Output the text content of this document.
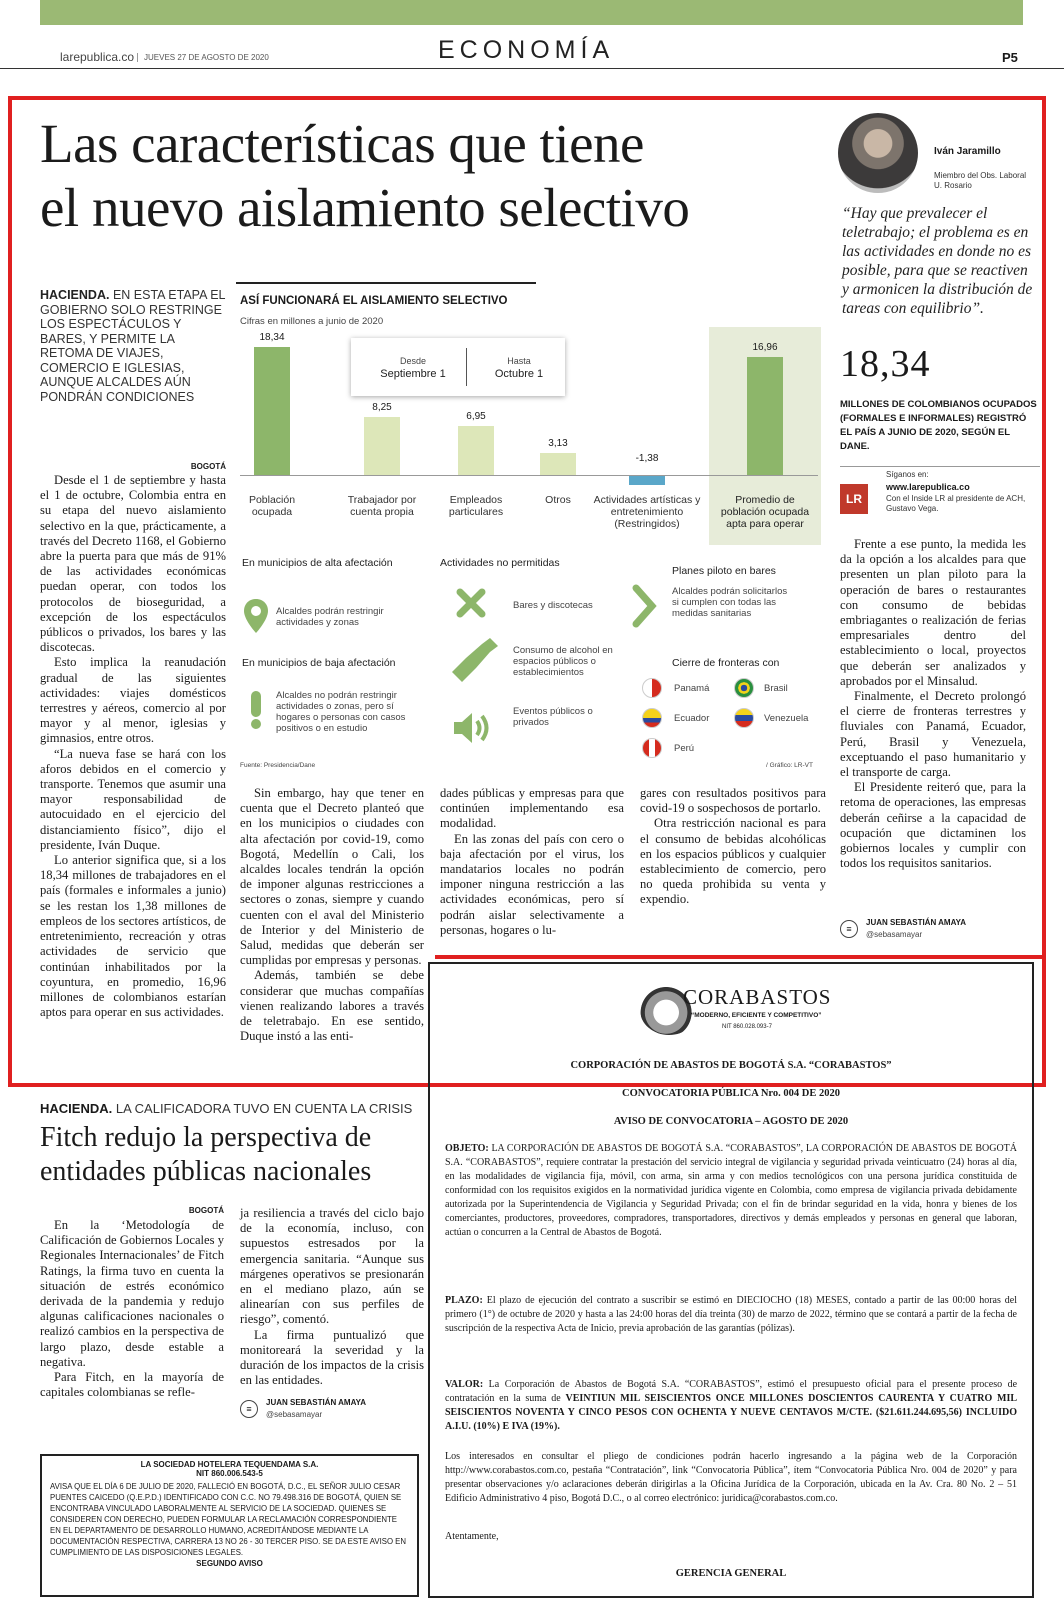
larepublica.co	JUEVES 27 DE AGOSTO DE 2020	ECONOMÍA	P5
Las características que tiene
el nuevo aislamiento selectivo
Iván Jaramillo
Miembro del Obs. Laboral U. Rosario
“Hay que prevalecer el teletrabajo; el problema es en las actividades en donde no es posible, para que se reactiven y armonicen la distribución de tareas con equilibrio”.
18,34
MILLONES DE COLOMBIANOS OCUPADOS (FORMALES E INFORMALES) REGISTRÓ EL PAÍS A JUNIO DE 2020, SEGÚN EL DANE.
LR
Síganos en:
www.larepublica.co
Con el Inside LR al presidente de ACH, Gustavo Vega.
HACIENDA. EN ESTA ETAPA EL GOBIERNO SOLO RESTRINGE LOS ESPECTÁCULOS Y BARES, Y PERMITE LA RETOMA DE VIAJES, COMERCIO E IGLESIAS, AUNQUE ALCALDES AÚN PONDRÁN CONDICIONES
BOGOTÁ

Desde el 1 de septiembre y hasta el 1 de octubre, Colombia entra en su etapa del nuevo aislamiento selectivo en la que, prácticamente, a través del Decreto 1168, el Gobierno abre la puerta para que más de 91% de las actividades económicas puedan operar, con todos los protocolos de bioseguridad, a excepción de los espectáculos públicos o privados, los bares y las discotecas.

Esto implica la reanudación gradual de las siguientes actividades: viajes domésticos terrestres y aéreos, comercio al por mayor y al menor, iglesias y gimnasios, entre otros.

“La nueva fase se hará con los aforos debidos en el comercio y transporte. Tenemos que asumir una mayor responsabilidad de autocuidado en el ejercicio del distanciamiento físico”, dijo el presidente, Iván Duque.

Lo anterior significa que, si a los 18,34 millones de trabajadores en el país (formales e informales a junio) se les restan los 1,38 millones de empleos de los sectores artísticos, de entretenimiento, recreación y otras actividades de servicio que continúan inhabilitados por la coyuntura, en promedio, 16,96 millones de colombianos estarían aptos para operar en sus actividades.

ASÍ FUNCIONARÁ EL AISLAMIENTO SELECTIVO
Cifras en millones a junio de 2020
18,34
Población ocupada
8,25
Trabajador por cuenta propia
6,95
Empleados particulares
3,13
Otros
-1,38
Actividades artísticas y entretenimiento (Restringidos)
16,96
Promedio de población ocupada apta para operar
Desde
Septiembre 1
Hasta
Octubre 1
En municipios de alta afectación
Alcaldes podrán restringir actividades y zonas
En municipios de baja afectación
Alcaldes no podrán restringir actividades o zonas, pero sí hogares o personas con casos positivos o en estudio
Actividades no permitidas
Bares y discotecas
Consumo de alcohol en espacios públicos o establecimientos
Eventos públicos o privados
Planes piloto en bares
Alcaldes podrán solicitarlos si cumplen con todas las medidas sanitarias
Cierre de fronteras con
Panamá	Brasil
Ecuador	Venezuela
Perú
Fuente: Presidencia/Dane	/ Gráfico: LR-VT

Sin embargo, hay que tener en cuenta que el Decreto planteó que en los municipios o ciudades con alta afectación por covid-19, como Bogotá, Medellín o Cali, los alcaldes locales tendrán la opción de imponer algunas restricciones a sectores o zonas, siempre y cuando cuenten con el aval del Ministerio de Interior y del Ministerio de Salud, medidas que deberán ser cumplidas por empresas y personas.

Además, también se debe considerar que muchas compañías vienen realizando labores a través de teletrabajo. En ese sentido, Duque instó a las enti-

dades públicas y empresas para que continúen implementando esa modalidad.

En las zonas del país con cero o baja afectación por el virus, los mandatarios locales no podrán imponer ninguna restricción a las actividades económicas, pero sí podrán aislar selectivamente a personas, hogares o lu-

gares con resultados positivos para covid-19 o sospechosos de portarlo.

Otra restricción nacional es para el consumo de bebidas alcohólicas en los espacios públicos y cualquier establecimiento de comercio, pero no queda prohibida su venta y expendio.

Frente a ese punto, la medida les da la opción a los alcaldes para que presenten un plan piloto para la operación de bares o restaurantes con consumo de bebidas embriagantes o realización de ferias empresariales dentro del establecimiento o local, proyectos que deberán ser analizados y aprobados por el Minsalud.

Finalmente, el Decreto prolongó el cierre de fronteras terrestres y fluviales con Panamá, Ecuador, Perú, Brasil y Venezuela, exceptuando el paso humanitario y el transporte de carga.

El Presidente reiteró que, para la retoma de operaciones, las empresas deberán ceñirse a la capacidad de ocupación que dictaminen los gobiernos locales y cumplir con todos los requisitos sanitarios.

≡
JUAN SEBASTIÁN AMAYA
@sebasamayar
HACIENDA. LA CALIFICADORA TUVO EN CUENTA LA CRISIS
Fitch redujo la perspectiva de
entidades públicas nacionales
BOGOTÁ

En la ‘Metodología de Calificación de Gobiernos Locales y Regionales Internacionales’ de Fitch Ratings, la firma tuvo en cuenta la situación de estrés económico derivada de la pandemia y redujo algunas calificaciones nacionales o realizó cambios en la perspectiva de largo plazo, desde estable a negativa.

Para Fitch, en la mayoría de capitales colombianas se refle-

ja resiliencia a través del ciclo bajo de la economía, incluso, con supuestos estresados por la emergencia sanitaria. “Aunque sus márgenes operativos se presionarán en el mediano plazo, aún se alinearían con sus perfiles de riesgo”, comentó.

La firma puntualizó que monitoreará la severidad y la duración de los impactos de la crisis en las entidades.

≡
JUAN SEBASTIÁN AMAYA
@sebasamayar
LA SOCIEDAD HOTELERA TEQUENDAMA S.A.
NIT 860.006.543-5
AVISA QUE EL DÍA 6 DE JULIO DE 2020, FALLECIÓ EN BOGOTÁ, D.C., EL SEÑOR JULIO CESAR PUENTES CAICEDO (Q.E.P.D.) IDENTIFICADO CON C.C. NO 79.498.316 DE BOGOTÁ, QUIEN SE ENCONTRABA VINCULADO LABORALMENTE AL SERVICIO DE LA SOCIEDAD. QUIENES SE CONSIDEREN CON DERECHO, PUEDEN FORMULAR LA RECLAMACIÓN CORRESPONDIENTE EN EL DEPARTAMENTO DE DESARROLLO HUMANO, ACREDITÁNDOSE MEDIANTE LA DOCUMENTACIÓN RESPECTIVA, CARRERA 13 NO 26 - 30 TERCER PISO. SE DA ESTE AVISO EN CUMPLIMIENTO DE LAS DISPOSICIONES LEGALES.
SEGUNDO AVISO
CORABASTOS
“MODERNO, EFICIENTE Y COMPETITIVO”
NIT 860.028.093-7
CORPORACIÓN DE ABASTOS DE BOGOTÁ S.A. “CORABASTOS”
CONVOCATORIA PÚBLICA Nro. 004 DE 2020
AVISO DE CONVOCATORIA – AGOSTO DE 2020
OBJETO: LA CORPORACIÓN DE ABASTOS DE BOGOTÁ S.A. “CORABASTOS”, LA CORPORACIÓN DE ABASTOS DE BOGOTÁ S.A. “CORABASTOS”, requiere contratar la prestación del servicio integral de vigilancia y seguridad privada veinticuatro (24) horas al día, en las modalidades de vigilancia fija, móvil, con arma, sin arma y con medios tecnológicos con una persona jurídica constituida de conformidad con los requisitos exigidos en la normatividad jurídica vigente en Colombia, como empresa de vigilancia privada debidamente autorizada por la Superintendencia de Vigilancia y Seguridad Privada; con el fin de brindar seguridad en la vida, honra y bienes de los comerciantes, productores, proveedores, compradores, transportadores, directivos y demás empleados y personas en general que laboran, actúan o concurren a la Central de Abastos de Bogotá.
PLAZO: El plazo de ejecución del contrato a suscribir se estimó en DIECIOCHO (18) MESES, contado a partir de las 00:00 horas del primero (1°) de octubre de 2020 y hasta a las 24:00 horas del día treinta (30) de marzo de 2022, término que se contará a partir de la fecha de suscripción de la respectiva Acta de Inicio, previa aprobación de las garantías (pólizas).
VALOR: La Corporación de Abastos de Bogotá S.A. “CORABASTOS”, estimó el presupuesto oficial para el presente proceso de contratación en la suma de VEINTIUN MIL SEISCIENTOS ONCE MILLONES DOSCIENTOS CAURENTA Y CUATRO MIL SEISCIENTOS NOVENTA Y CINCO PESOS CON OCHENTA Y NUEVE CENTAVOS M/CTE. ($21.611.244.695,56) INCLUIDO A.I.U. (10%) E IVA (19%).
Los interesados en consultar el pliego de condiciones podrán hacerlo ingresando a la página web de la Corporación http://www.corabastos.com.co, pestaña “Contratación”, link “Convocatoria Pública”, ítem “Convocatoria Pública Nro. 004 de 2020” y para presentar observaciones y/o aclaraciones deberán dirigirlas a la Oficina Jurídica de la Corporación, ubicada en la Av. Cra. 80 No. 2 – 51 Edificio Administrativo 4 piso, Bogotá D.C., o al correo electrónico: juridica@corabastos.com.co.
Atentamente,
GERENCIA GENERAL
